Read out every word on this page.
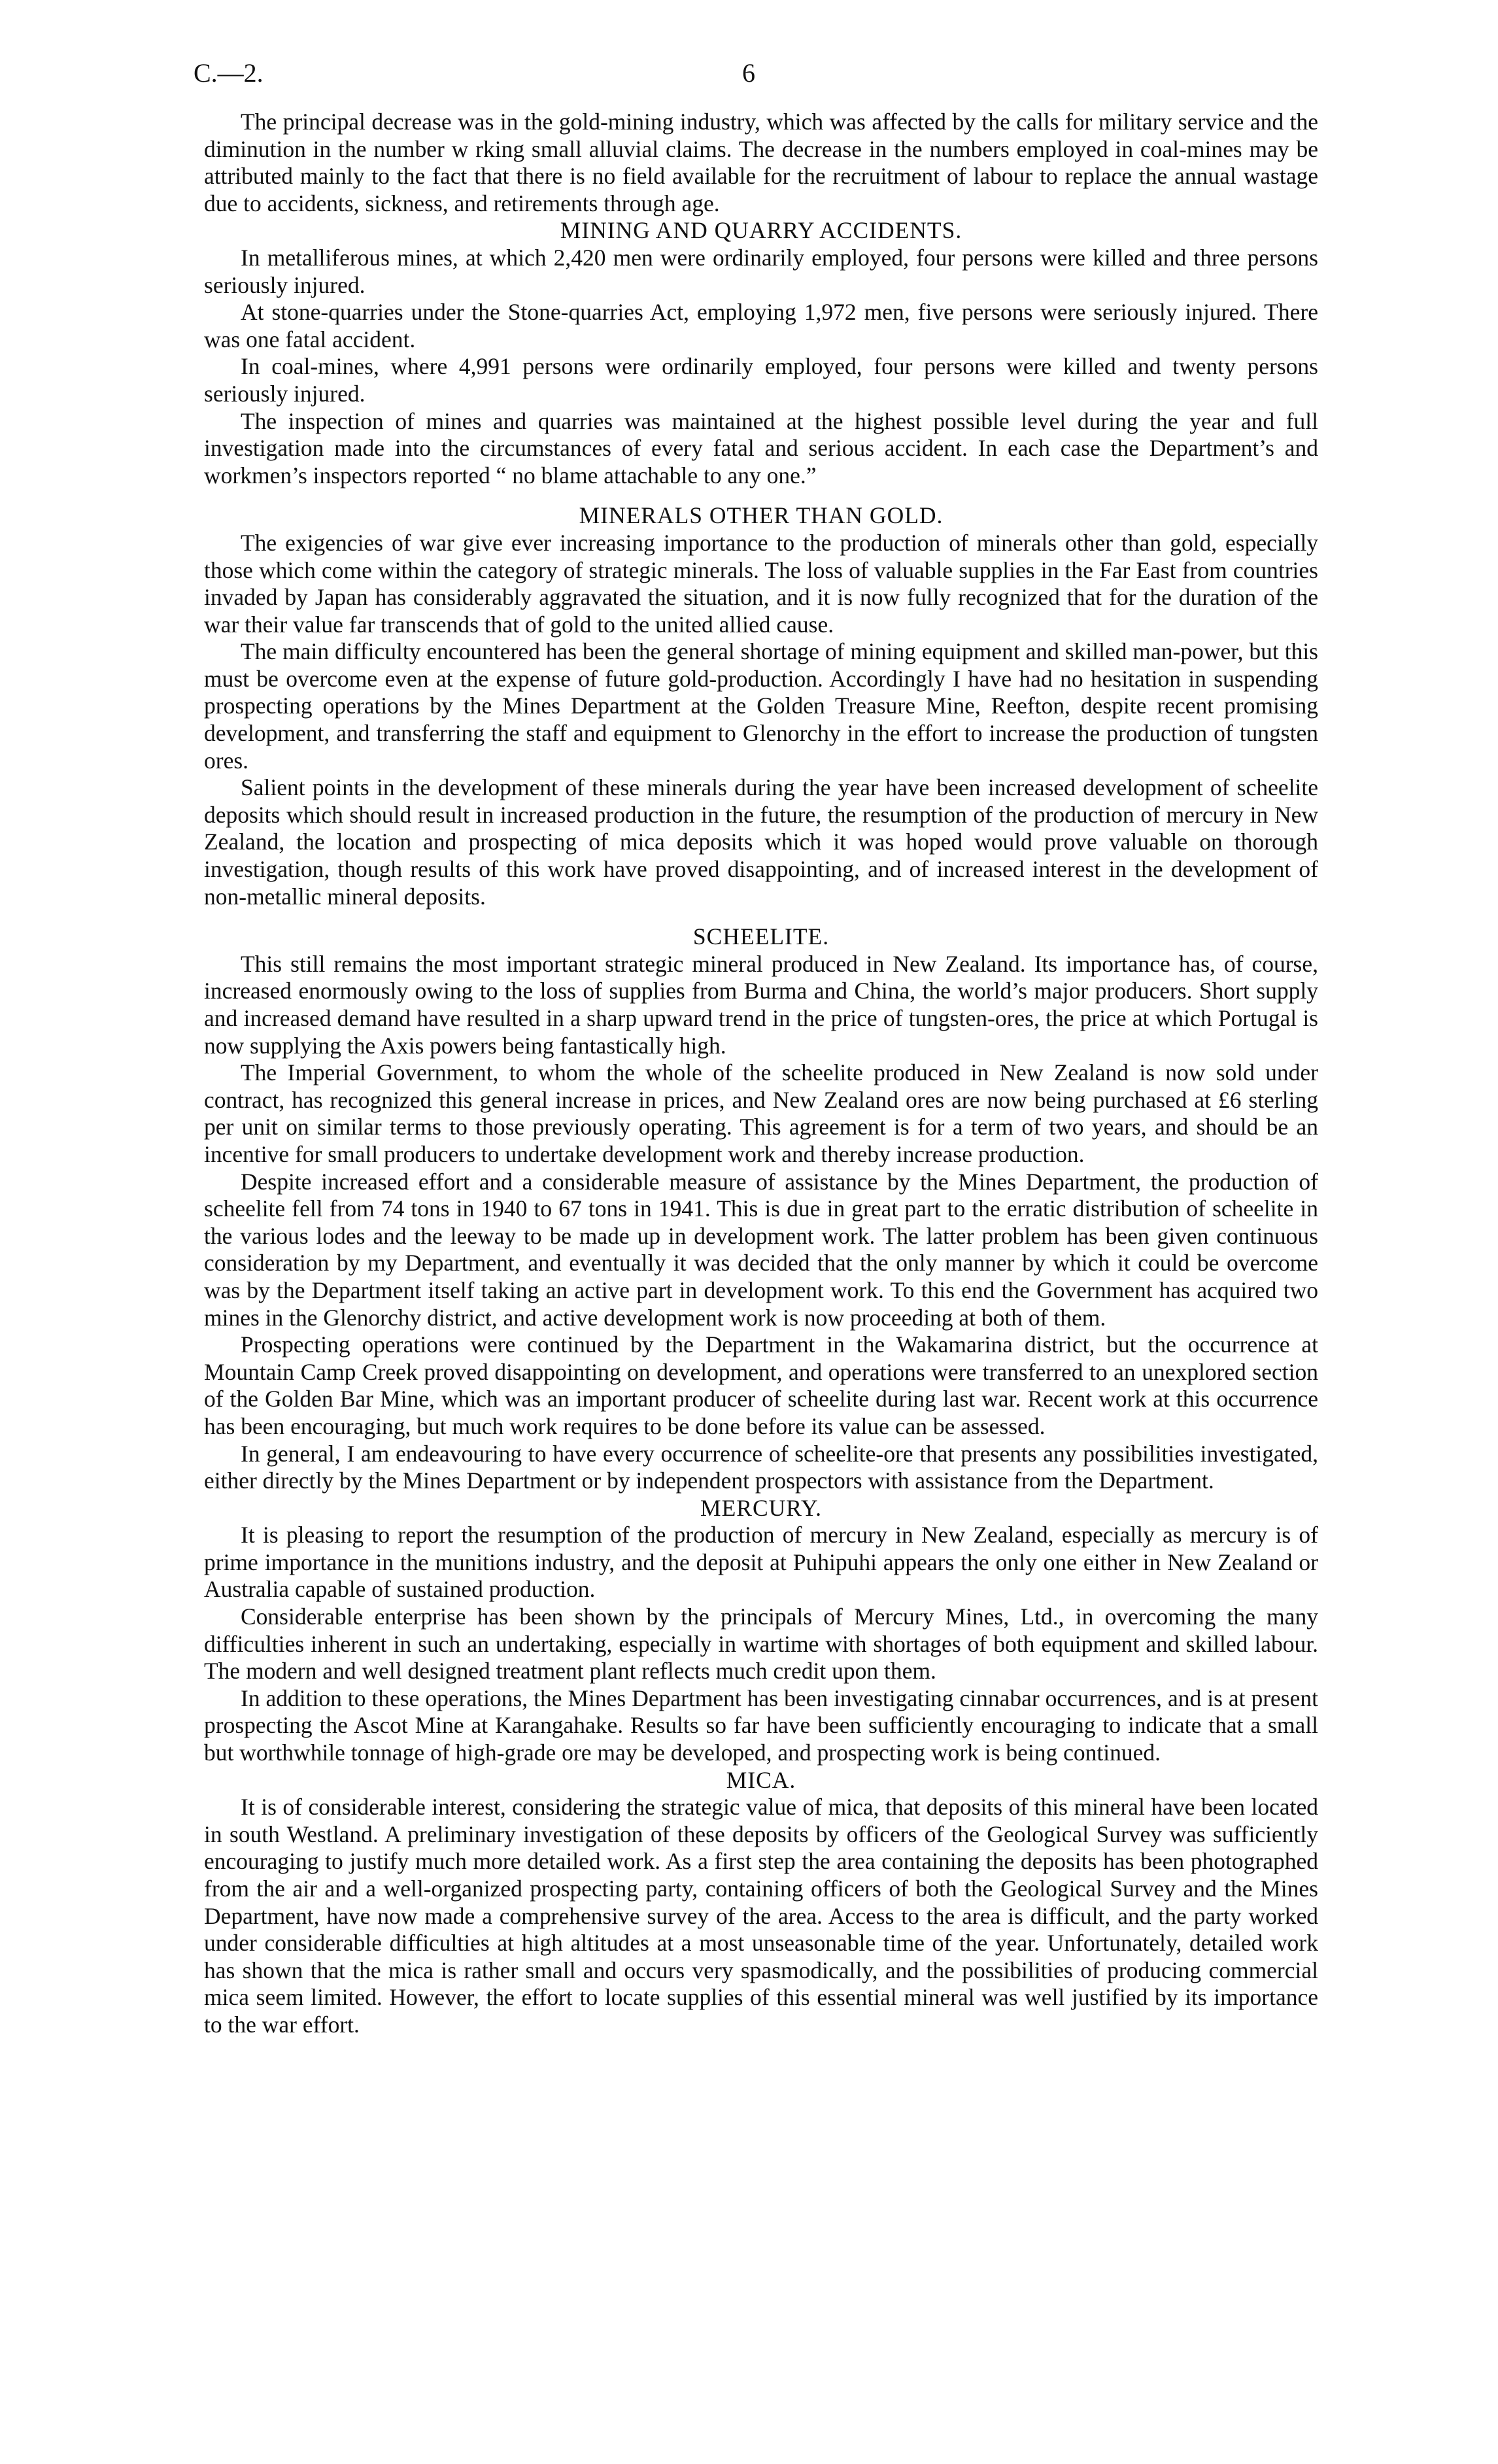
C.—2.	6

The principal decrease was in the gold-mining industry, which was affected by the calls for military service and the diminution in the number w rking small alluvial claims. The decrease in the numbers employed in coal-mines may be attributed mainly to the fact that there is no field available for the recruitment of labour to replace the annual wastage due to accidents, sickness, and retirements through age.

MINING AND QUARRY ACCIDENTS.

In metalliferous mines, at which 2,420 men were ordinarily employed, four persons were killed and three persons seriously injured.

At stone-quarries under the Stone-quarries Act, employing 1,972 men, five persons were seriously injured. There was one fatal accident.

In coal-mines, where 4,991 persons were ordinarily employed, four persons were killed and twenty persons seriously injured.

The inspection of mines and quarries was maintained at the highest possible level during the year and full investigation made into the circumstances of every fatal and serious accident. In each case the Department’s and workmen’s inspectors reported “ no blame attachable to any one.”

MINERALS OTHER THAN GOLD.

The exigencies of war give ever increasing importance to the production of minerals other than gold, especially those which come within the category of strategic minerals. The loss of valuable supplies in the Far East from countries invaded by Japan has considerably aggravated the situation, and it is now fully recognized that for the duration of the war their value far transcends that of gold to the united allied cause.

The main difficulty encountered has been the general shortage of mining equipment and skilled man-power, but this must be overcome even at the expense of future gold-production. Accordingly I have had no hesitation in suspending prospecting operations by the Mines Department at the Golden Treasure Mine, Reefton, despite recent promising development, and transferring the staff and equipment to Glenorchy in the effort to increase the production of tungsten ores.

Salient points in the development of these minerals during the year have been increased development of scheelite deposits which should result in increased production in the future, the resumption of the production of mercury in New Zealand, the location and prospecting of mica deposits which it was hoped would prove valuable on thorough investigation, though results of this work have proved disappointing, and of increased interest in the development of non-metallic mineral deposits.

SCHEELITE.

This still remains the most important strategic mineral produced in New Zealand. Its importance has, of course, increased enormously owing to the loss of supplies from Burma and China, the world’s major producers. Short supply and increased demand have resulted in a sharp upward trend in the price of tungsten-ores, the price at which Portugal is now supplying the Axis powers being fantastically high.

The Imperial Government, to whom the whole of the scheelite produced in New Zealand is now sold under contract, has recognized this general increase in prices, and New Zealand ores are now being purchased at £6 sterling per unit on similar terms to those previously operating. This agreement is for a term of two years, and should be an incentive for small producers to undertake development work and thereby increase production.

Despite increased effort and a considerable measure of assistance by the Mines Department, the production of scheelite fell from 74 tons in 1940 to 67 tons in 1941. This is due in great part to the erratic distribution of scheelite in the various lodes and the leeway to be made up in development work. The latter problem has been given continuous consideration by my Department, and eventually it was decided that the only manner by which it could be overcome was by the Department itself taking an active part in development work. To this end the Government has acquired two mines in the Glenorchy district, and active development work is now proceeding at both of them.

Prospecting operations were continued by the Department in the Wakamarina district, but the occurrence at Mountain Camp Creek proved disappointing on development, and operations were transferred to an unexplored section of the Golden Bar Mine, which was an important producer of scheelite during last war. Recent work at this occurrence has been encouraging, but much work requires to be done before its value can be assessed.

In general, I am endeavouring to have every occurrence of scheelite-ore that presents any possibilities investigated, either directly by the Mines Department or by independent prospectors with assistance from the Department.

MERCURY.

It is pleasing to report the resumption of the production of mercury in New Zealand, especially as mercury is of prime importance in the munitions industry, and the deposit at Puhipuhi appears the only one either in New Zealand or Australia capable of sustained production.

Considerable enterprise has been shown by the principals of Mercury Mines, Ltd., in overcoming the many difficulties inherent in such an undertaking, especially in wartime with shortages of both equipment and skilled labour. The modern and well designed treatment plant reflects much credit upon them.

In addition to these operations, the Mines Department has been investigating cinnabar occurrences, and is at present prospecting the Ascot Mine at Karangahake. Results so far have been sufficiently encouraging to indicate that a small but worthwhile tonnage of high-grade ore may be developed, and prospecting work is being continued.

MICA.

It is of considerable interest, considering the strategic value of mica, that deposits of this mineral have been located in south Westland. A preliminary investigation of these deposits by officers of the Geological Survey was sufficiently encouraging to justify much more detailed work. As a first step the area containing the deposits has been photographed from the air and a well-organized prospecting party, containing officers of both the Geological Survey and the Mines Department, have now made a comprehensive survey of the area. Access to the area is difficult, and the party worked under considerable difficulties at high altitudes at a most unseasonable time of the year. Unfortunately, detailed work has shown that the mica is rather small and occurs very spasmodically, and the possibilities of producing commercial mica seem limited. However, the effort to locate supplies of this essential mineral was well justified by its importance to the war effort.
